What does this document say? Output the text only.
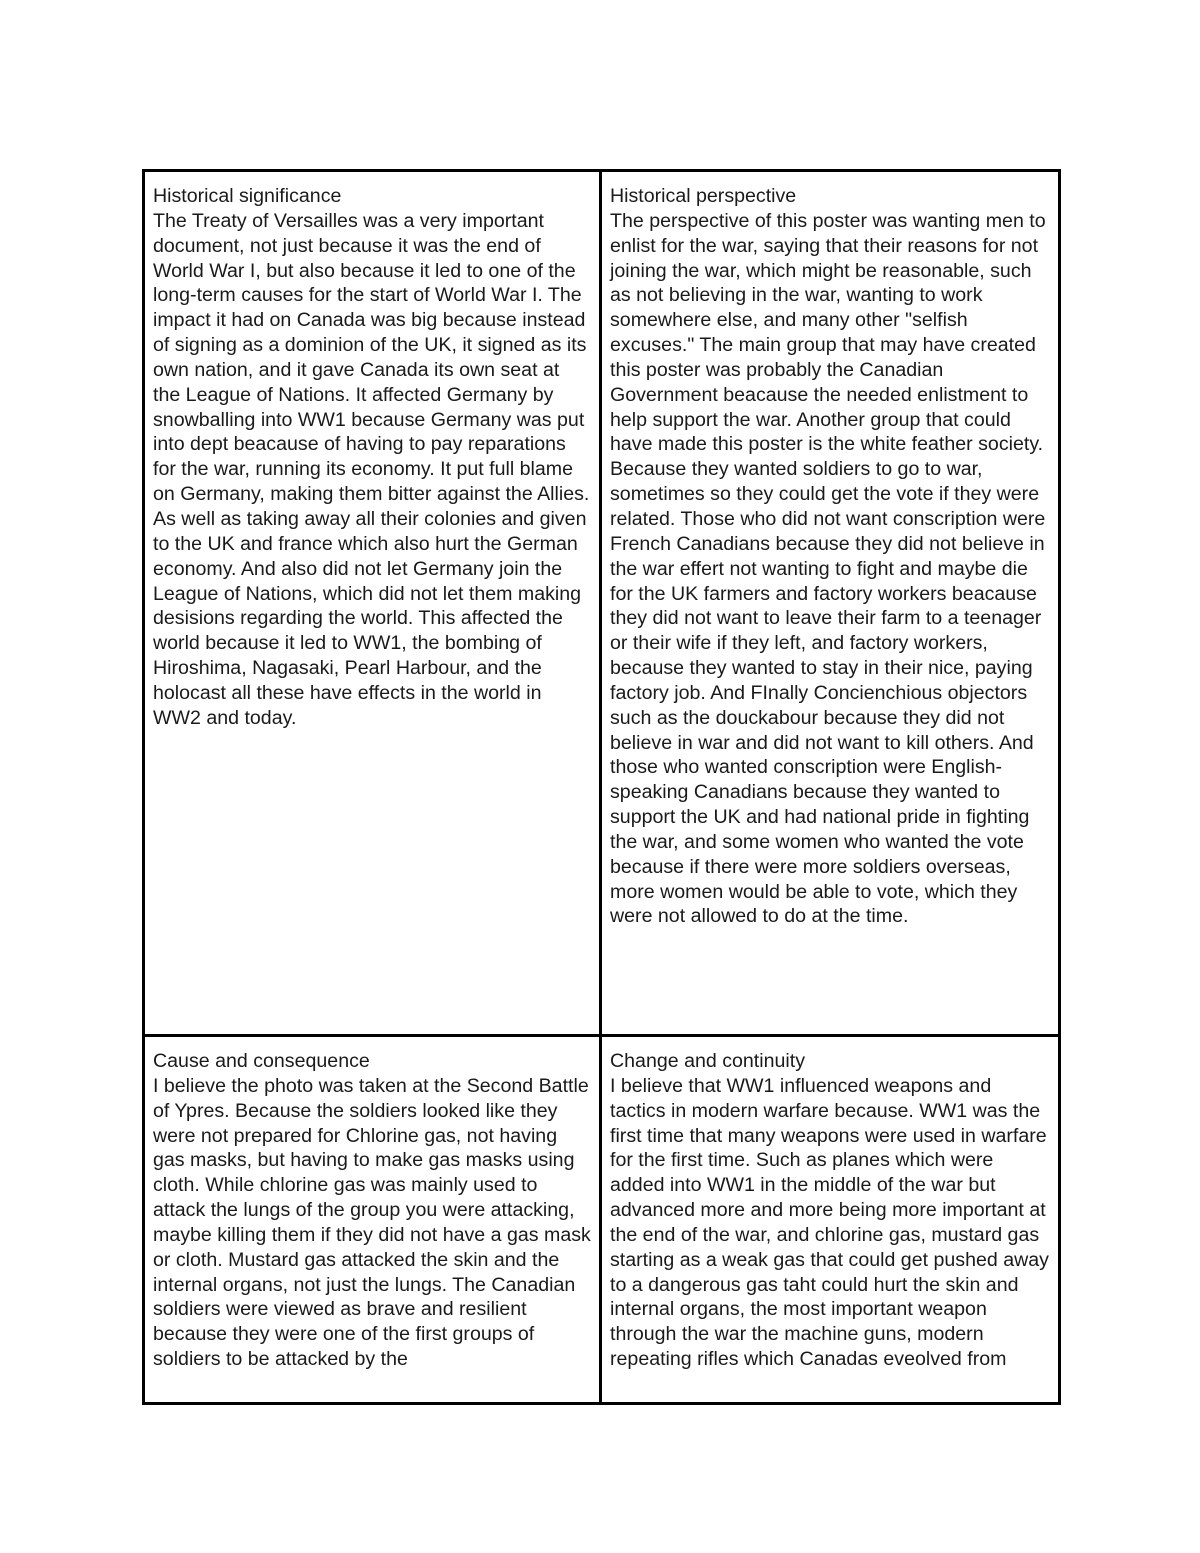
Historical significance

The Treaty of Versailles was a very important document, not just because it was the end of World War I, but also because it led to one of the long-term causes for the start of World War I. The impact it had on Canada was big because instead of signing as a dominion of the UK, it signed as its own nation, and it gave Canada its own seat at the League of Nations. It affected Germany by snowballing into WW1 because Germany was put into dept beacause of having to pay reparations for the war, running its economy. It put full blame on Germany, making them bitter against the Allies. As well as taking away all their colonies and given to the UK and france which also hurt the German economy. And also did not let Germany join the League of Nations, which did not let them making desisions regarding the world. This affected the world because it led to WW1, the bombing of Hiroshima, Nagasaki, Pearl Harbour, and the holocast all these have effects in the world in WW2 and today.

Historical perspective

The perspective of this poster was wanting men to enlist for the war, saying that their reasons for not joining the war, which might be reasonable, such as not believing in the war, wanting to work somewhere else, and many other "selfish excuses." The main group that may have created this poster was probably the Canadian Government beacause the needed enlistment to help support the war. Another group that could have made this poster is the white feather society. Because they wanted soldiers to go to war, sometimes so they could get the vote if they were related. Those who did not want conscription were French Canadians because they did not believe in the war effert not wanting to fight and maybe die for the UK farmers and factory workers beacause they did not want to leave their farm to a teenager or their wife if they left, and factory workers, because they wanted to stay in their nice, paying factory job. And FInally Concienchious objectors such as the douckabour because they did not believe in war and did not want to kill others. And those who wanted conscription were English-speaking Canadians because they wanted to support the UK and had national pride in fighting the war, and some women who wanted the vote because if there were more soldiers overseas, more women would be able to vote, which they were not allowed to do at the time.

Cause and consequence

I believe the photo was taken at the Second Battle of Ypres. Because the soldiers looked like they were not prepared for Chlorine gas, not having gas masks, but having to make gas masks using cloth. While chlorine gas was mainly used to attack the lungs of the group you were attacking, maybe killing them if they did not have a gas mask or cloth. Mustard gas attacked the skin and the internal organs, not just the lungs. The Canadian soldiers were viewed as brave and resilient because they were one of the first groups of soldiers to be attacked by the

Change and continuity

I believe that WW1 influenced weapons and tactics in modern warfare because. WW1 was the first time that many weapons were used in warfare for the first time. Such as planes which were added into WW1 in the middle of the war but advanced more and more being more important at the end of the war, and chlorine gas, mustard gas starting as a weak gas that could get pushed away to a dangerous gas taht could hurt the skin and internal organs, the most important weapon through the war the machine guns, modern repeating rifles which Canadas eveolved from
